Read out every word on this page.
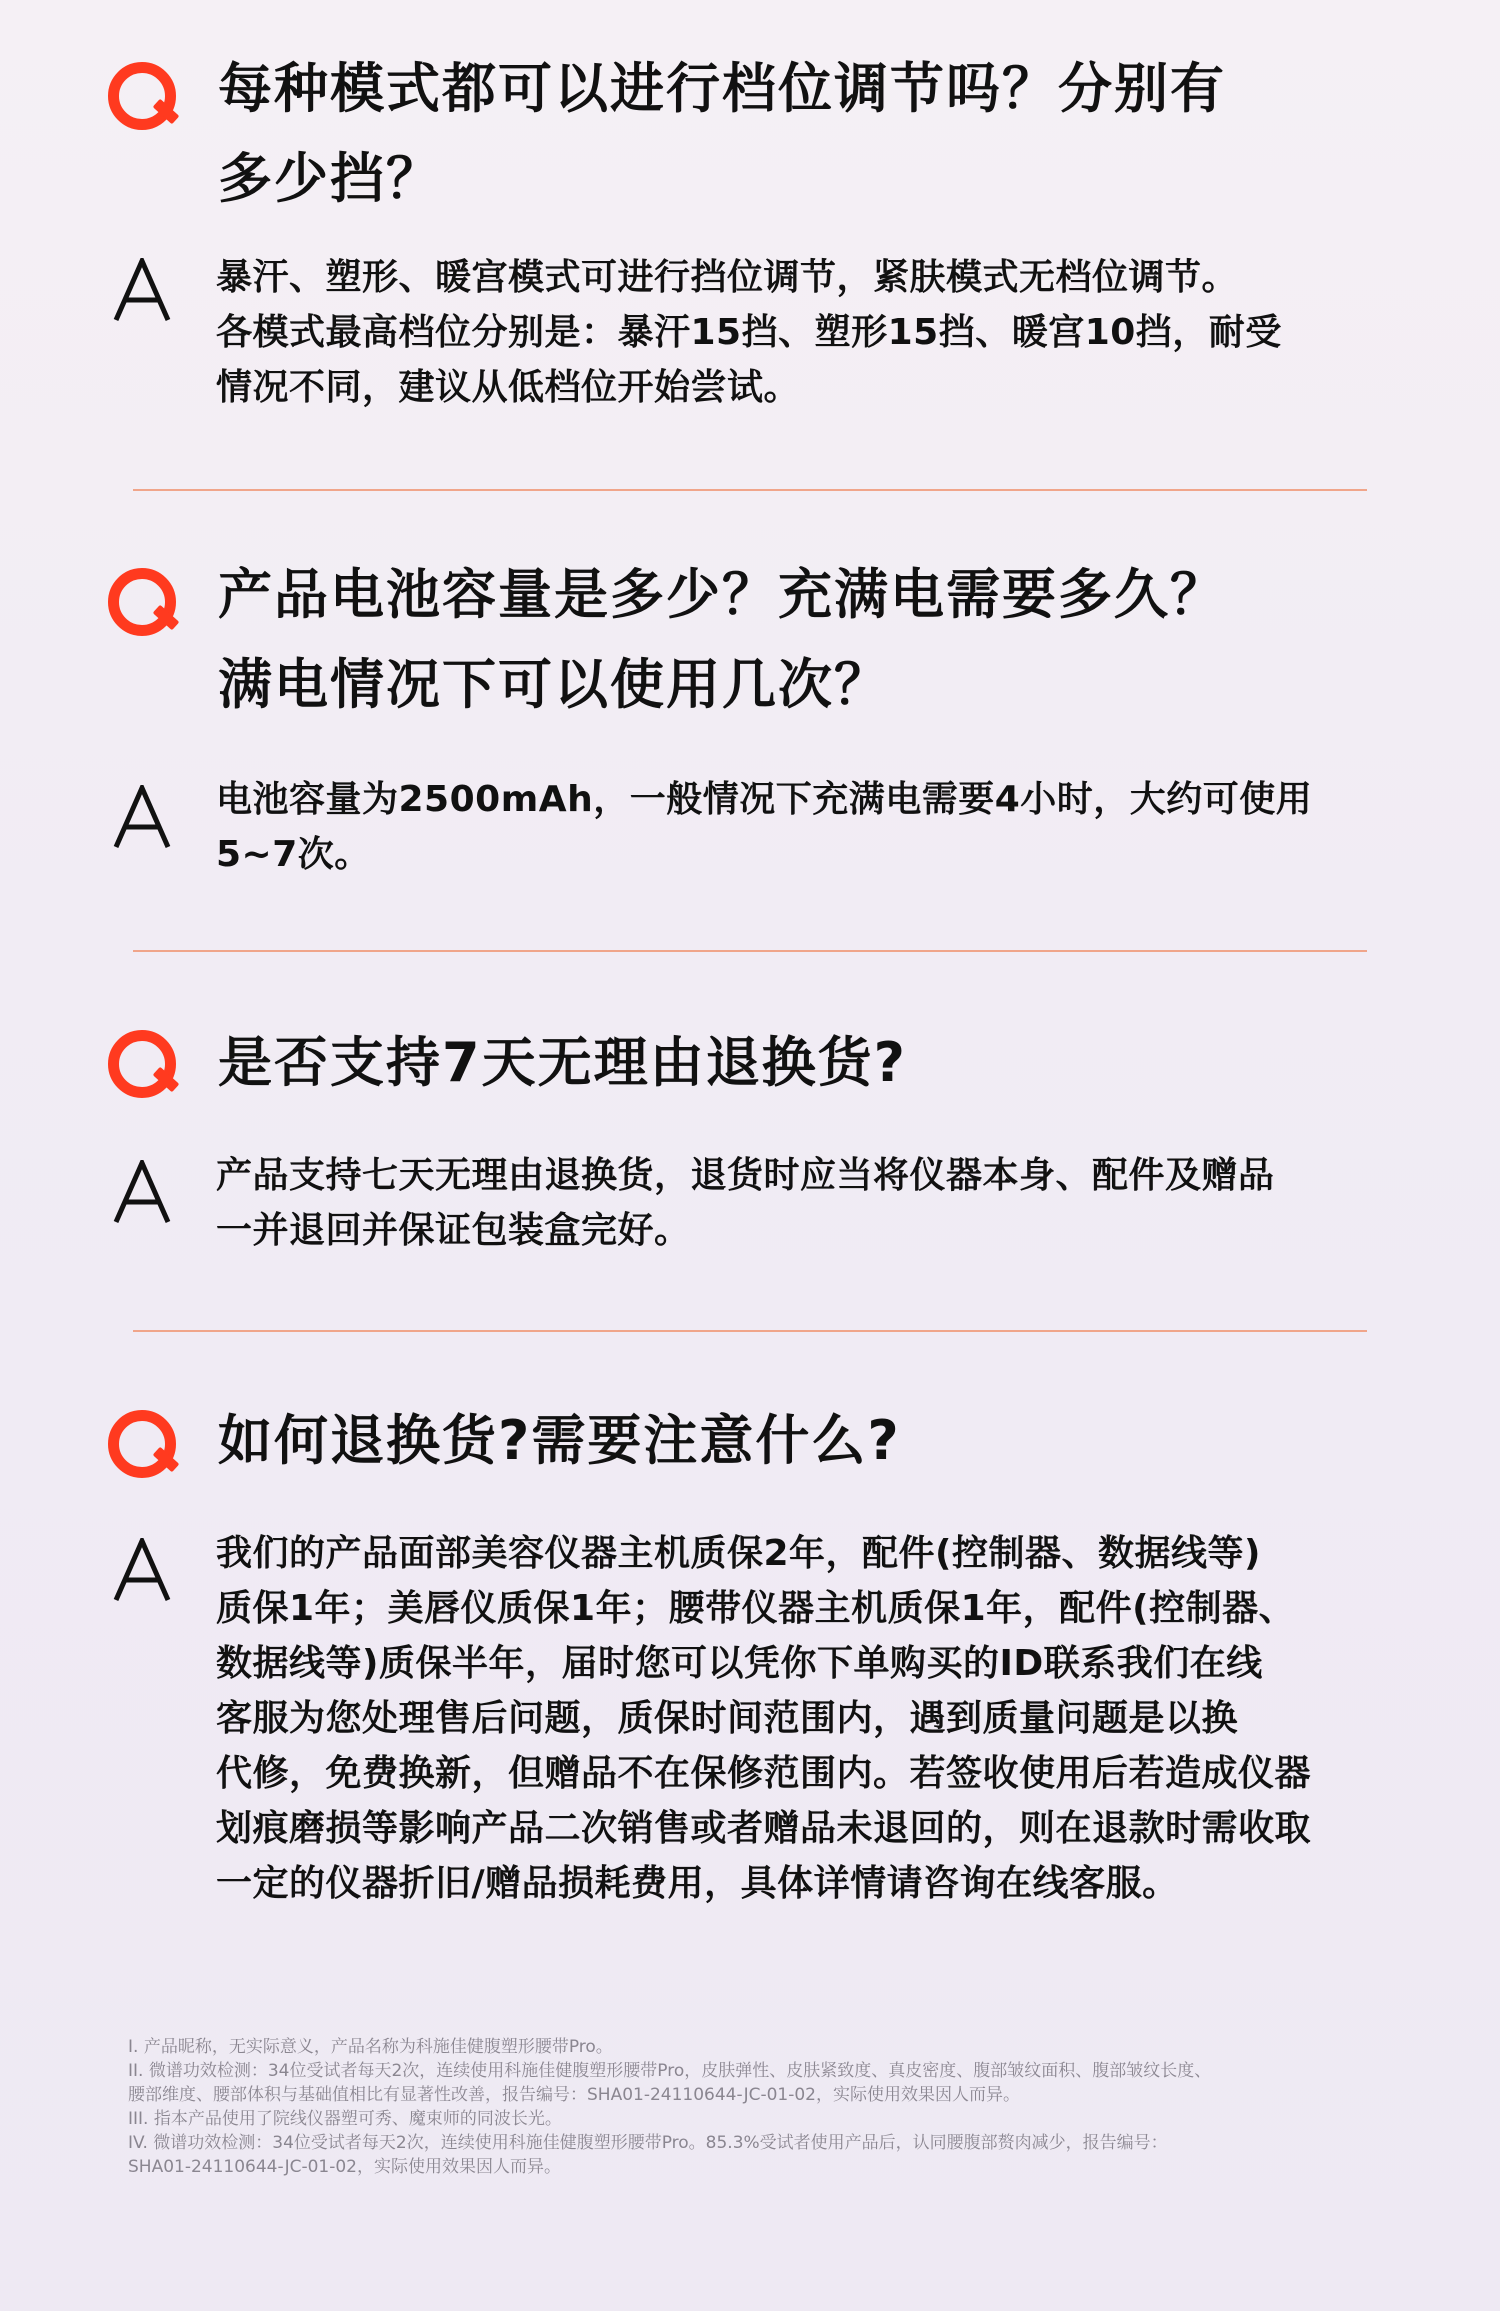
每种模式都可以进行档位调节吗？分别有
多少挡？
暴汗、塑形、暖宫模式可进行挡位调节，紧肤模式无档位调节。
各模式最高档位分别是：暴汗15挡、塑形15挡、暖宫10挡，耐受
情况不同，建议从低档位开始尝试。
产品电池容量是多少？充满电需要多久？
满电情况下可以使用几次？
电池容量为2500mAh，一般情况下充满电需要4小时，大约可使用
5~7次。
是否支持7天无理由退换货?
产品支持七天无理由退换货，退货时应当将仪器本身、配件及赠品
一并退回并保证包装盒完好。
如何退换货?需要注意什么?
我们的产品面部美容仪器主机质保2年，配件(控制器、数据线等)
质保1年；美唇仪质保1年；腰带仪器主机质保1年，配件(控制器、
数据线等)质保半年，届时您可以凭你下单购买的ID联系我们在线
客服为您处理售后问题，质保时间范围内，遇到质量问题是以换
代修，免费换新，但赠品不在保修范围内。若签收使用后若造成仪器
划痕磨损等影响产品二次销售或者赠品未退回的，则在退款时需收取
一定的仪器折旧/赠品损耗费用，具体详情请咨询在线客服。

I. 产品昵称，无实际意义，产品名称为科施佳健腹塑形腰带Pro。

II. 微谱功效检测：34位受试者每天2次，连续使用科施佳健腹塑形腰带Pro，皮肤弹性、皮肤紧致度、真皮密度、腹部皱纹面积、腹部皱纹长度、

腰部维度、腰部体积与基础值相比有显著性改善，报告编号：SHA01-24110644-JC-01-02，实际使用效果因人而异。

III. 指本产品使用了院线仪器塑可秀、魔束师的同波长光。

IV. 微谱功效检测：34位受试者每天2次，连续使用科施佳健腹塑形腰带Pro。85.3%受试者使用产品后，认同腰腹部赘肉减少，报告编号：

SHA01-24110644-JC-01-02，实际使用效果因人而异。
